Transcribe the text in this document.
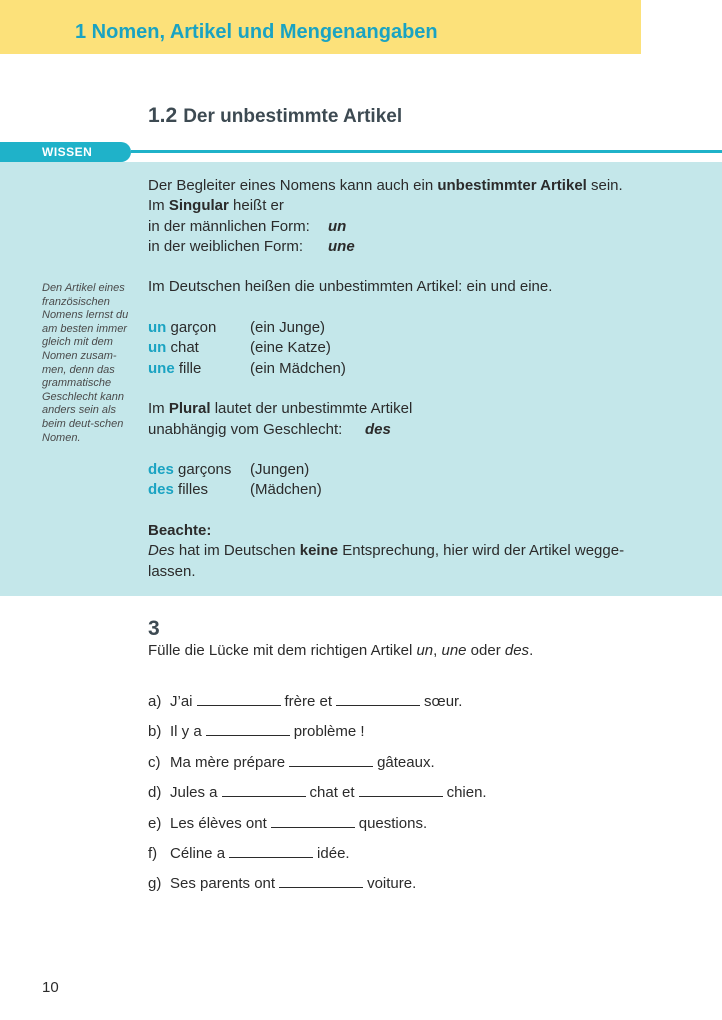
1 Nomen, Artikel und Mengenangaben
1.2 Der unbestimmte Artikel
WISSEN
Den Artikel eines französischen Nomens lernst du am besten immer gleich mit dem Nomen zusam-men, denn das grammatische Geschlecht kann anders sein als beim deut-schen Nomen.
Der Begleiter eines Nomens kann auch ein unbestimmter Artikel sein.
Im Singular heißt er
in der männlichen Form: un
in der weiblichen Form: une
Im Deutschen heißen die unbestimmten Artikel: ein und eine.
un garçon (ein Junge)
un chat	(eine Katze)
une fille	(ein Mädchen)
Im Plural lautet der unbestimmte Artikel
unabhängig vom Geschlecht: des
des garçons (Jungen)
des filles	(Mädchen)
Beachte:
Des hat im Deutschen keine Entsprechung, hier wird der Artikel wegge-
lassen.
3
Fülle die Lücke mit dem richtigen Artikel un, une oder des.
a) J’ai	frère et	sœur.
b) Il y a	problème !
c) Ma mère prépare	gâteaux.
d) Jules a	chat et	chien.
e) Les élèves ont	questions.
f) Céline a	idée.
g) Ses parents ont	voiture.
10
